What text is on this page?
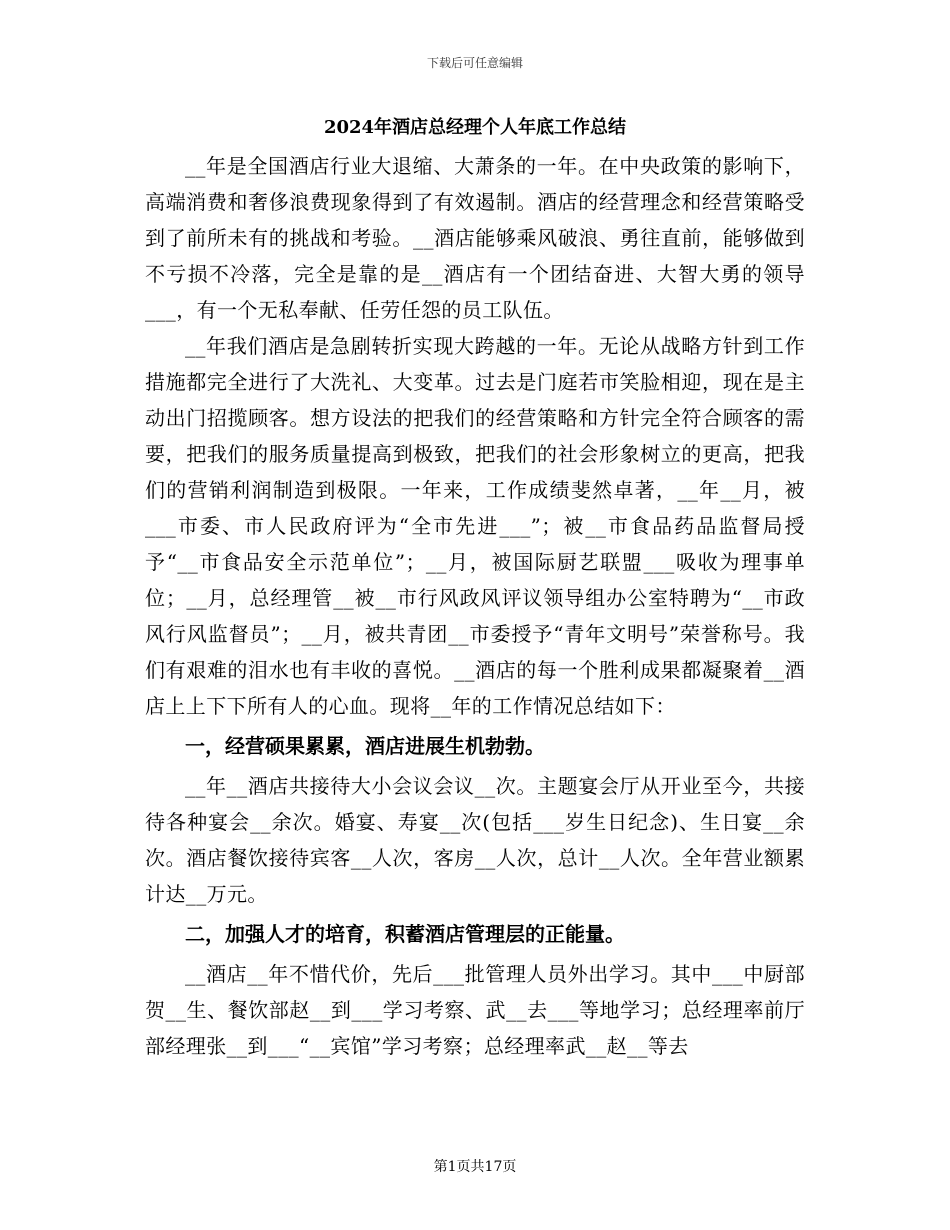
下载后可任意编辑
2024年酒店总经理个人年底工作总结

__年是全国酒店行业大退缩、大萧条的一年。在中央政策的影响下，高端消费和奢侈浪费现象得到了有效遏制。酒店的经营理念和经营策略受到了前所未有的挑战和考验。__酒店能够乘风破浪、勇往直前，能够做到不亏损不冷落，完全是靠的是__酒店有一个团结奋进、大智大勇的领导___，有一个无私奉献、任劳任怨的员工队伍。

__年我们酒店是急剧转折实现大跨越的一年。无论从战略方针到工作措施都完全进行了大洗礼、大变革。过去是门庭若市笑脸相迎，现在是主动出门招揽顾客。想方设法的把我们的经营策略和方针完全符合顾客的需要，把我们的服务质量提高到极致，把我们的社会形象树立的更高，把我们的营销利润制造到极限。一年来，工作成绩斐然卓著，__年__月，被___市委、市人民政府评为“全市先进___”；被__市食品药品监督局授予“__市食品安全示范单位”；__月，被国际厨艺联盟___吸收为理事单位；__月，总经理管__被__市行风政风评议领导组办公室特聘为“__市政风行风监督员”；__月，被共青团__市委授予“青年文明号”荣誉称号。我们有艰难的泪水也有丰收的喜悦。__酒店的每一个胜利成果都凝聚着__酒店上上下下所有人的心血。现将__年的工作情况总结如下：

一，经营硕果累累，酒店进展生机勃勃。

__年__酒店共接待大小会议会议__次。主题宴会厅从开业至今，共接待各种宴会__余次。婚宴、寿宴__次(包括___岁生日纪念)、生日宴__余次。酒店餐饮接待宾客__人次，客房__人次，总计__人次。全年营业额累计达__万元。

二，加强人才的培育，积蓄酒店管理层的正能量。

__酒店__年不惜代价，先后___批管理人员外出学习。其中___中厨部贺__生、餐饮部赵__到___学习考察、武__去___等地学习；总经理率前厅部经理张__到___“__宾馆”学习考察；总经理率武__赵__等去

第1页共17页
